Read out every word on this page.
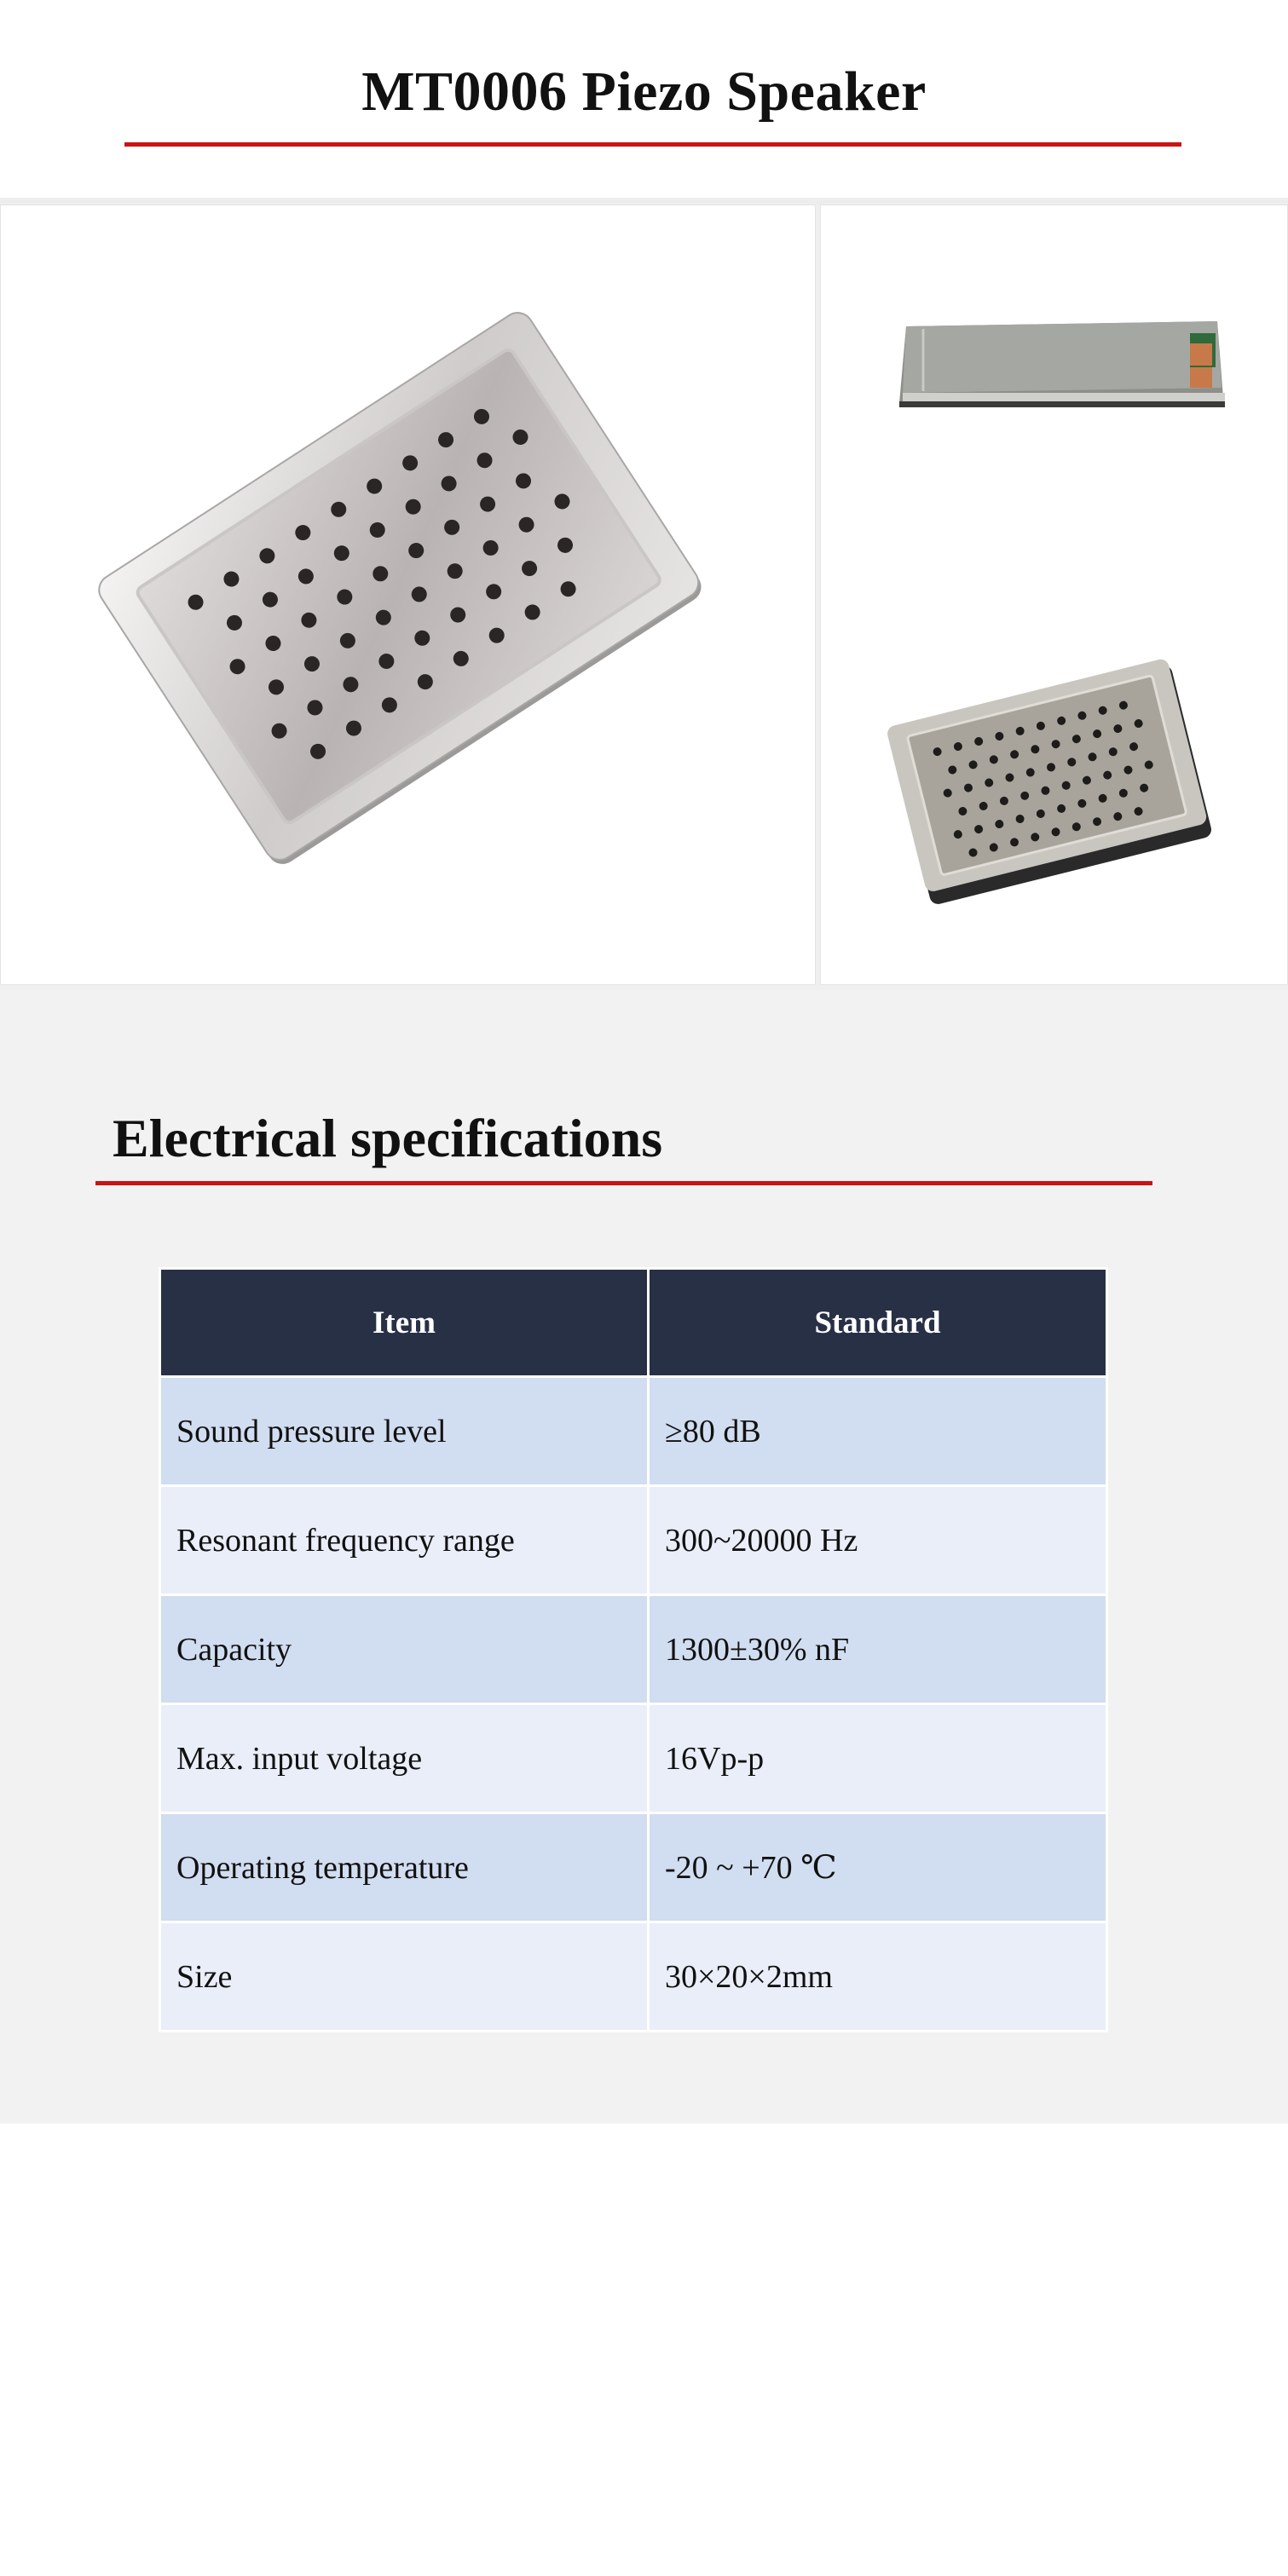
MT0006 Piezo Speaker
Electrical specifications
Item	Standard
Sound pressure level	≥80 dB
Resonant frequency range	300~20000 Hz
Capacity	1300±30% nF
Max. input voltage	16Vp-p
Operating temperature	-20 ~ +70 ℃
Size	30×20×2mm
